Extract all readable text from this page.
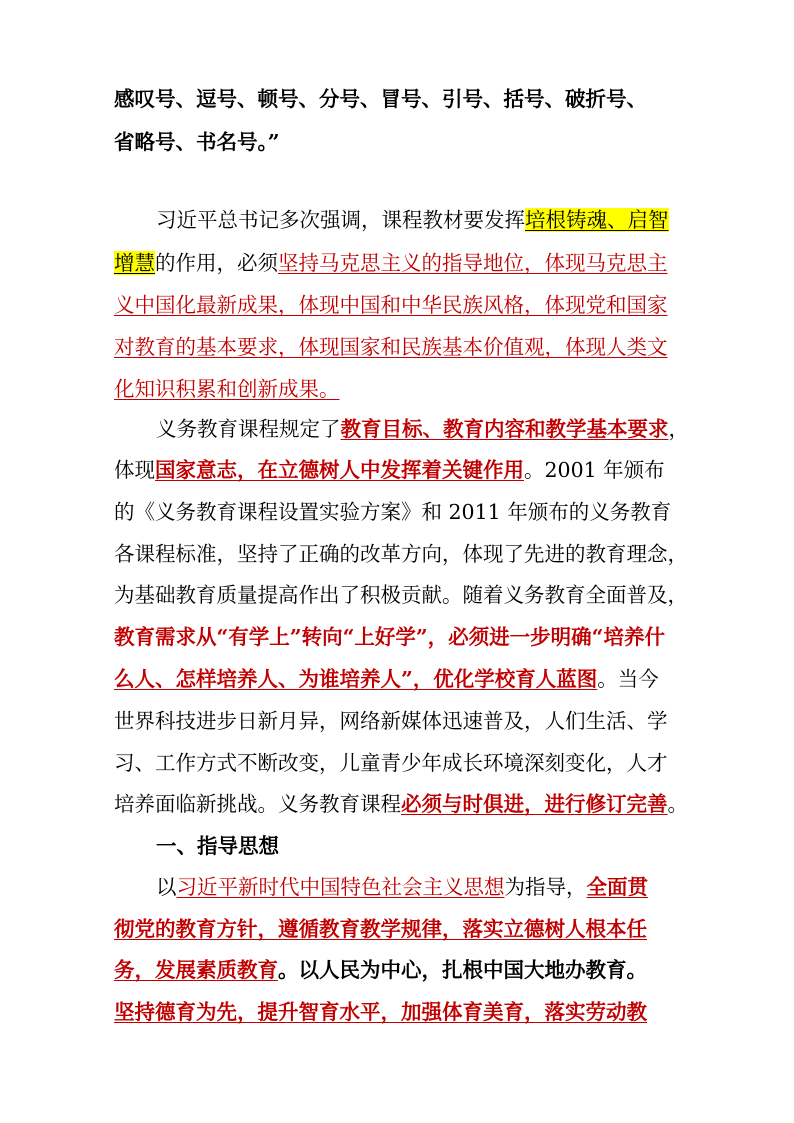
感叹号、逗号、顿号、分号、冒号、引号、括号、破折号、
省略号、书名号。”
习近平总书记多次强调，课程教材要发挥培根铸魂、启智
增慧的作用，必须坚持马克思主义的指导地位，体现马克思主
义中国化最新成果，体现中国和中华民族风格，体现党和国家
对教育的基本要求，体现国家和民族基本价值观，体现人类文
化知识积累和创新成果。
义务教育课程规定了教育目标、教育内容和教学基本要求，
体现国家意志，在立德树人中发挥着关键作用。2001 年颁布
的《义务教育课程设置实验方案》和 2011 年颁布的义务教育
各课程标准，坚持了正确的改革方向，体现了先进的教育理念，
为基础教育质量提高作出了积极贡献。随着义务教育全面普及，
教育需求从“有学上”转向“上好学”，必须进一步明确“培养什
么人、怎样培养人、为谁培养人”，优化学校育人蓝图。当今
世界科技进步日新月异，网络新媒体迅速普及，人们生活、学
习、工作方式不断改变，儿童青少年成长环境深刻变化，人才
培养面临新挑战。义务教育课程必须与时俱进，进行修订完善。
一、指导思想
以习近平新时代中国特色社会主义思想为指导，全面贯
彻党的教育方针，遵循教育教学规律，落实立德树人根本任
务，发展素质教育。以人民为中心，扎根中国大地办教育。
坚持德育为先，提升智育水平，加强体育美育，落实劳动教
